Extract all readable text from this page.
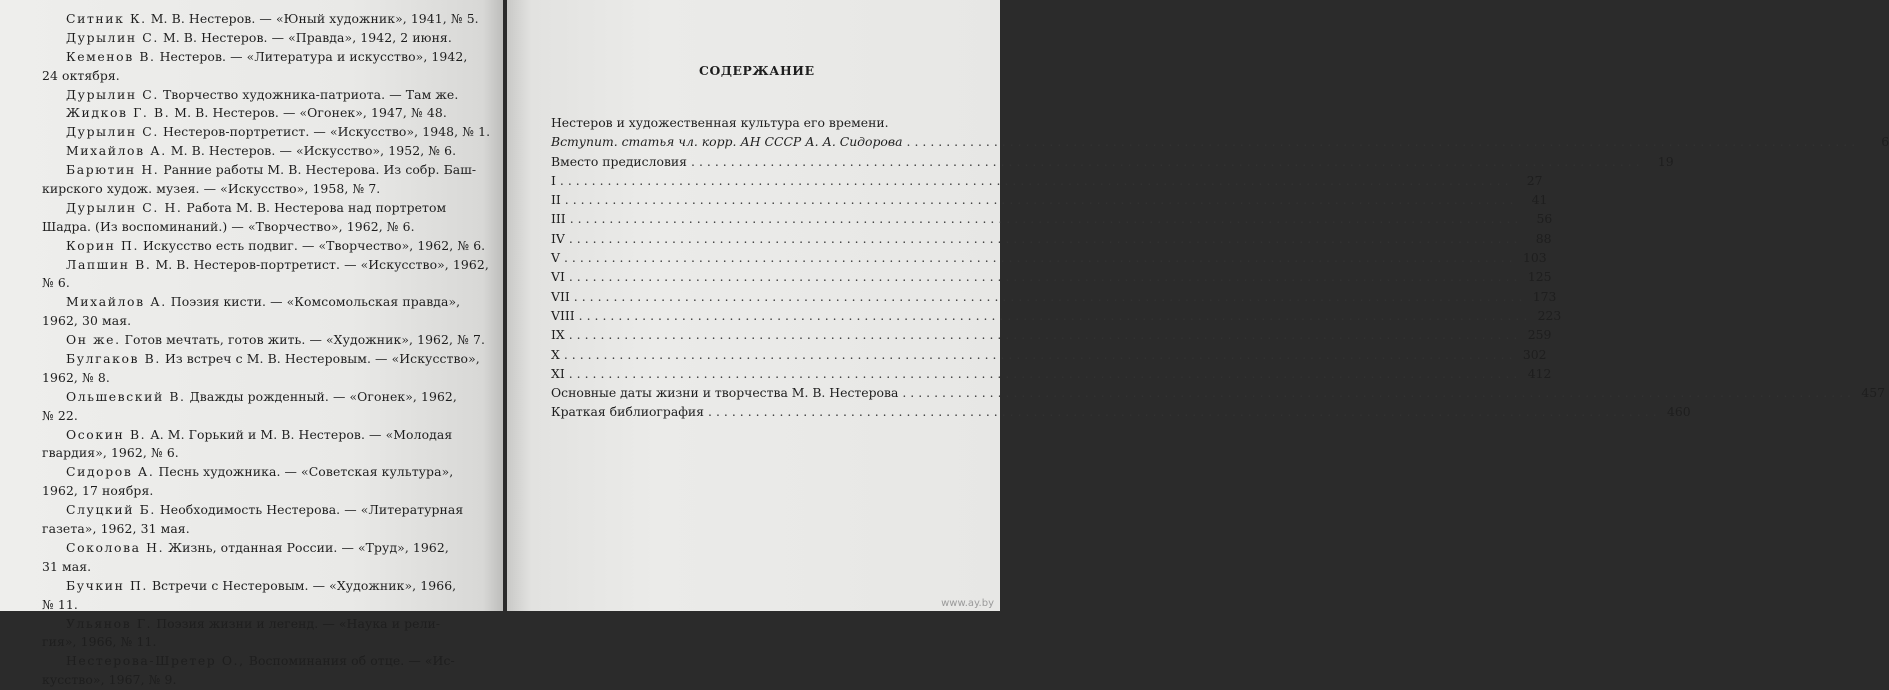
Ситник К. М. В. Нестеров. — «Юный художник», 1941, № 5.
Дурылин С. М. В. Нестеров. — «Правда», 1942, 2 июня.
Кеменов В. Нестеров. — «Литература и искусство», 1942,
24 октября.
Дурылин С. Творчество художника-патриота. — Там же.
Жидков Г. В. М. В. Нестеров. — «Огонек», 1947, № 48.
Дурылин С. Нестеров-портретист. — «Искусство», 1948, № 1.
Михайлов А. М. В. Нестеров. — «Искусство», 1952, № 6.
Барютин Н. Ранние работы М. В. Нестерова. Из собр. Баш-
кирского худож. музея. — «Искусство», 1958, № 7.
Дурылин С. Н. Работа М. В. Нестерова над портретом
Шадра. (Из воспоминаний.) — «Творчество», 1962, № 6.
Корин П. Искусство есть подвиг. — «Творчество», 1962, № 6.
Лапшин В. М. В. Нестеров-портретист. — «Искусство», 1962,
№ 6.
Михайлов А. Поэзия кисти. — «Комсомольская правда»,
1962, 30 мая.
Он же. Готов мечтать, готов жить. — «Художник», 1962, № 7.
Булгаков В. Из встреч с М. В. Нестеровым. — «Искусство»,
1962, № 8.
Ольшевский В. Дважды рожденный. — «Огонек», 1962,
№ 22.
Осокин В. А. М. Горький и М. В. Нестеров. — «Молодая
гвардия», 1962, № 6.
Сидоров А. Песнь художника. — «Советская культура»,
1962, 17 ноября.
Слуцкий Б. Необходимость Нестерова. — «Литературная
газета», 1962, 31 мая.
Соколова Н. Жизнь, отданная России. — «Труд», 1962,
31 мая.
Бучкин П. Встречи с Нестеровым. — «Художник», 1966,
№ 11.
Ульянов Г. Поэзия жизни и легенд. — «Наука и рели-
гия», 1966, № 11.
Нестерова-Шретер О., Воспоминания об отце. — «Ис-
кусство», 1967, № 9.
СОДЕРЖАНИЕ
Нестеров и художественная культура его времени.
Вступит. статья чл. корр. АН СССР А. А. Сидорова ........................................................................................................................	6
Вместо предисловия ........................................................................................................................	19
I ........................................................................................................................	27
II ........................................................................................................................	41
III ........................................................................................................................	56
IV ........................................................................................................................	88
V ........................................................................................................................ 103
VI ........................................................................................................................ 125
VII ........................................................................................................................ 173
VIII ........................................................................................................................ 223
IX ........................................................................................................................ 259
X ........................................................................................................................ 302
XI ........................................................................................................................ 412
Основные даты жизни и творчества М. В. Нестерова ........................................................................................................................ 457
Краткая библиография ........................................................................................................................ 460
www.ay.by
